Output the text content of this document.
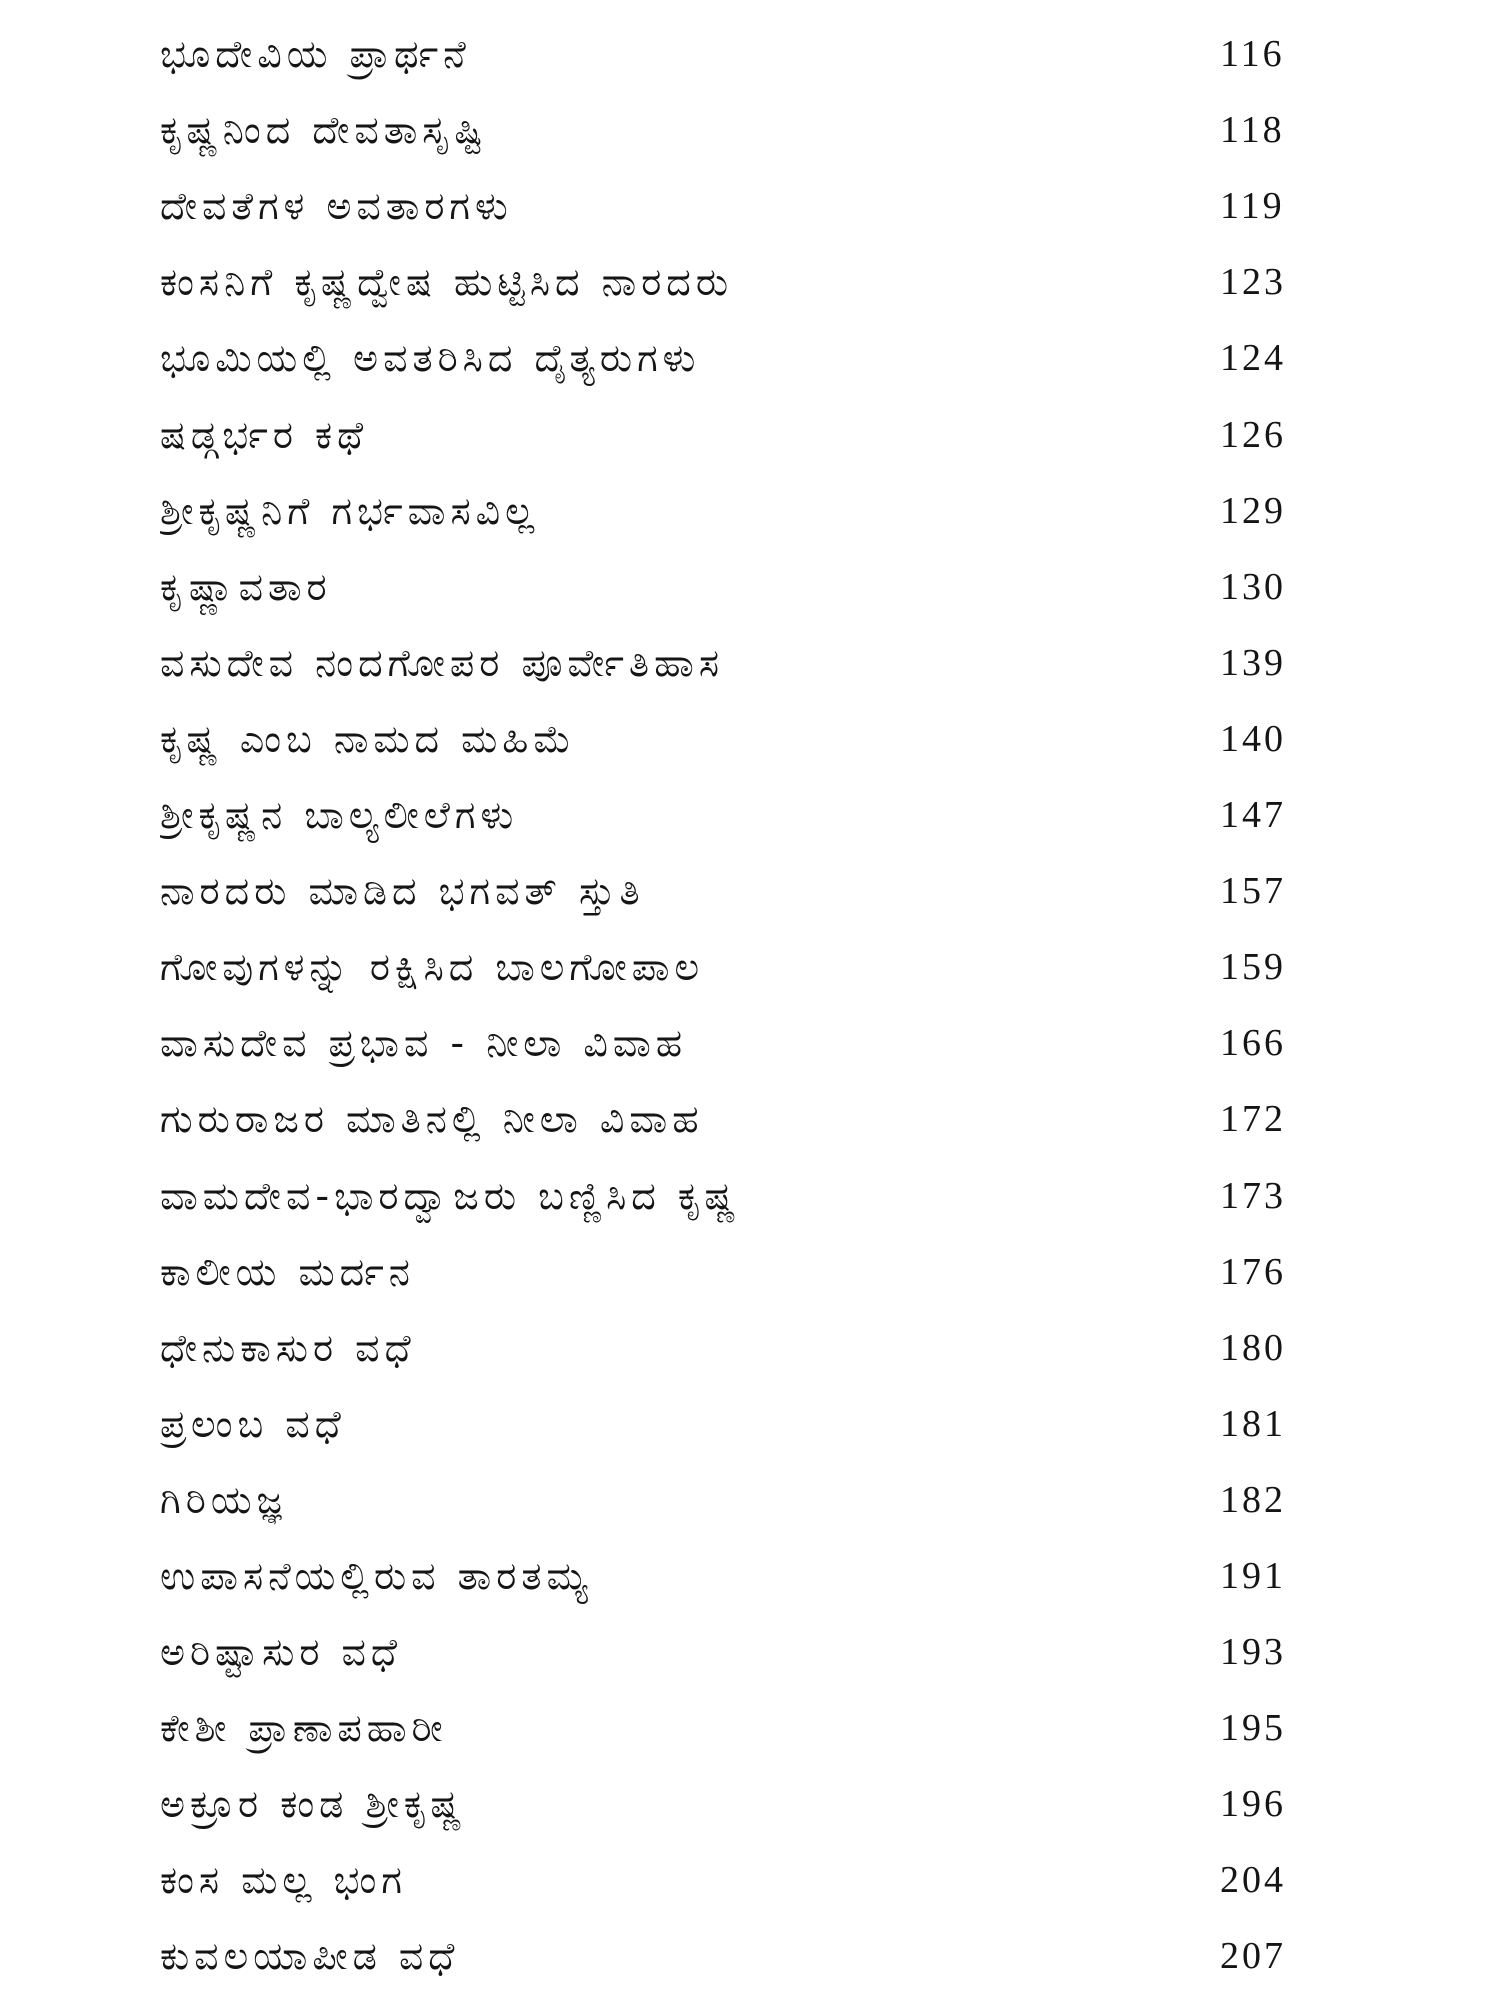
ಭೂದೇವಿಯ ಪ್ರಾರ್ಥನೆ	116
ಕೃಷ್ಣನಿಂದ ದೇವತಾಸೃಷ್ಟಿ	118
ದೇವತೆಗಳ ಅವತಾರಗಳು	119
ಕಂಸನಿಗೆ ಕೃಷ್ಣದ್ವೇಷ ಹುಟ್ಟಿಸಿದ ನಾರದರು	123
ಭೂಮಿಯಲ್ಲಿ ಅವತರಿಸಿದ ದೈತ್ಯರುಗಳು	124
ಷಡ್ಗರ್ಭರ ಕಥೆ	126
ಶ್ರೀಕೃಷ್ಣನಿಗೆ ಗರ್ಭವಾಸವಿಲ್ಲ	129
ಕೃಷ್ಣಾವತಾರ	130
ವಸುದೇವ ನಂದಗೋಪರ ಪೂರ್ವೇತಿಹಾಸ	139
ಕೃಷ್ಣ ಎಂಬ ನಾಮದ ಮಹಿಮೆ	140
ಶ್ರೀಕೃಷ್ಣನ ಬಾಲ್ಯಲೀಲೆಗಳು	147
ನಾರದರು ಮಾಡಿದ ಭಗವತ್ ಸ್ತುತಿ	157
ಗೋವುಗಳನ್ನು ರಕ್ಷಿಸಿದ ಬಾಲಗೋಪಾಲ	159
ವಾಸುದೇವ ಪ್ರಭಾವ - ನೀಲಾ ವಿವಾಹ	166
ಗುರುರಾಜರ ಮಾತಿನಲ್ಲಿ ನೀಲಾ ವಿವಾಹ	172
ವಾಮದೇವ-ಭಾರದ್ವಾಜರು ಬಣ್ಣಿಸಿದ ಕೃಷ್ಣ	173
ಕಾಲೀಯ ಮರ್ದನ	176
ಧೇನುಕಾಸುರ ವಧೆ	180
ಪ್ರಲಂಬ ವಧೆ	181
ಗಿರಿಯಜ್ಞ	182
ಉಪಾಸನೆಯಲ್ಲಿರುವ ತಾರತಮ್ಯ	191
ಅರಿಷ್ಟಾಸುರ ವಧೆ	193
ಕೇಶೀ ಪ್ರಾಣಾಪಹಾರೀ	195
ಅಕ್ರೂರ ಕಂಡ ಶ್ರೀಕೃಷ್ಣ	196
ಕಂಸ ಮಲ್ಲ ಭಂಗ	204
ಕುವಲಯಾಪೀಡ ವಧೆ	207
